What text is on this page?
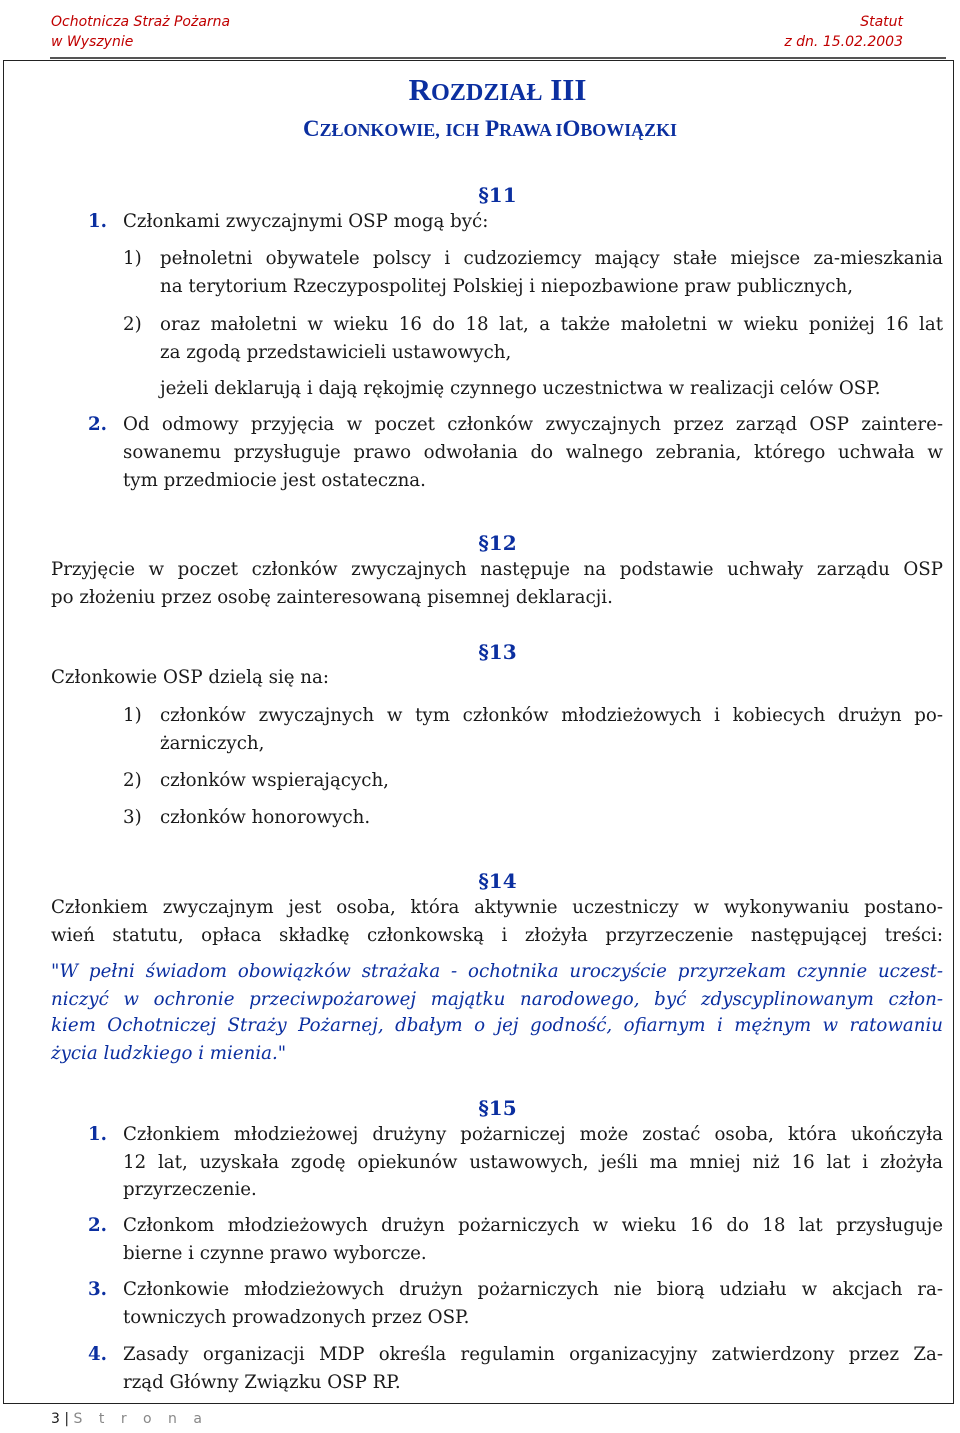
Ochotnicza Straż Pożarna
w Wyszynie
Statut
z dn. 15.02.2003
ROZDZIAŁ III
CZŁONKOWIE, ICH PRAWA IOBOWIĄZKI
§11
1. Członkami zwyczajnymi OSP mogą być:
1) pełnoletni obywatele polscy i cudzoziemcy mający stałe miejsce za-mieszkania
na terytorium Rzeczypospolitej Polskiej i niepozbawione praw publicznych,
2) oraz małoletni w wieku 16 do 18 lat, a także małoletni w wieku poniżej 16 lat
za zgodą przedstawicieli ustawowych,
jeżeli deklarują i dają rękojmię czynnego uczestnictwa w realizacji celów OSP.
2. Od odmowy przyjęcia w poczet członków zwyczajnych przez zarząd OSP zaintere-
sowanemu przysługuje prawo odwołania do walnego zebrania, którego uchwała w
tym przedmiocie jest ostateczna.
§12
Przyjęcie w poczet członków zwyczajnych następuje na podstawie uchwały zarządu OSP
po złożeniu przez osobę zainteresowaną pisemnej deklaracji.
§13
Członkowie OSP dzielą się na:
1) członków zwyczajnych w tym członków młodzieżowych i kobiecych drużyn po-
żarniczych,
2) członków wspierających,
3) członków honorowych.
§14
Członkiem zwyczajnym jest osoba, która aktywnie uczestniczy w wykonywaniu postano-
wień statutu, opłaca składkę członkowską i złożyła przyrzeczenie następującej treści:
"W pełni świadom obowiązków strażaka - ochotnika uroczyście przyrzekam czynnie uczest-
niczyć w ochronie przeciwpożarowej majątku narodowego, być zdyscyplinowanym człon-
kiem Ochotniczej Straży Pożarnej, dbałym o jej godność, ofiarnym i mężnym w ratowaniu
życia ludzkiego i mienia."
§15
1. Członkiem młodzieżowej drużyny pożarniczej może zostać osoba, która ukończyła
12 lat, uzyskała zgodę opiekunów ustawowych, jeśli ma mniej niż 16 lat i złożyła
przyrzeczenie.
2. Członkom młodzieżowych drużyn pożarniczych w wieku 16 do 18 lat przysługuje
bierne i czynne prawo wyborcze.
3. Członkowie młodzieżowych drużyn pożarniczych nie biorą udziału w akcjach ra-
towniczych prowadzonych przez OSP.
4. Zasady organizacji MDP określa regulamin organizacyjny zatwierdzony przez Za-
rząd Główny Związku OSP RP.
3 | S t r o n a
